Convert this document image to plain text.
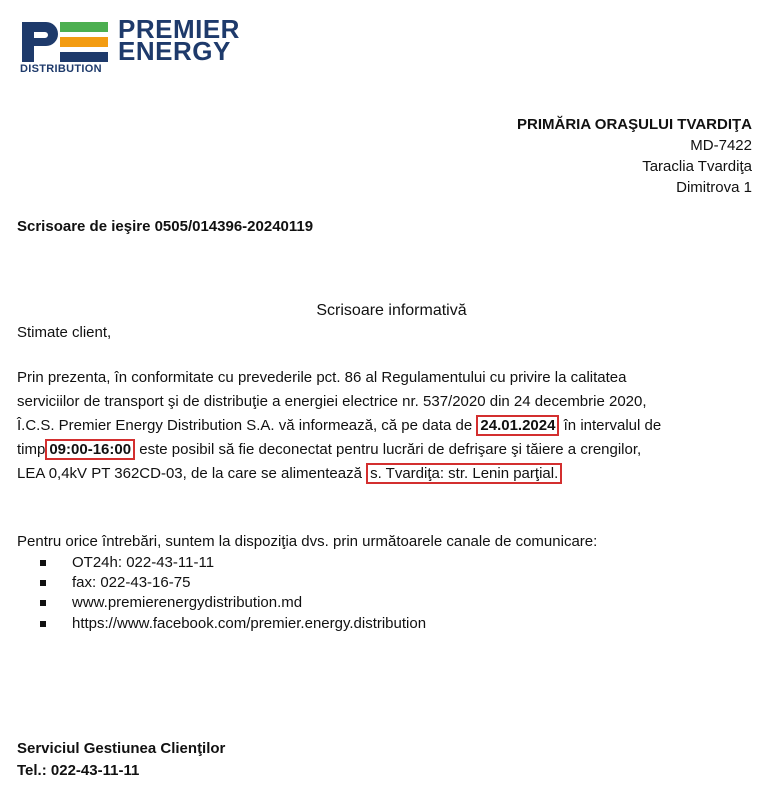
PREMIER
ENERGY
DISTRIBUTION
PRIMĂRIA ORAŞULUI TVARDIŢA
MD-7422
Taraclia Tvardiţa
Dimitrova 1
Scrisoare de ieşire 0505/014396-20240119
Scrisoare informativă
Stimate client,
Prin prezenta, în conformitate cu prevederile pct. 86 al Regulamentului cu privire la calitatea
serviciilor de transport şi de distribuţie a energiei electrice nr. 537/2020 din 24 decembrie 2020,
Î.C.S. Premier Energy Distribution S.A. vă informează, că pe data de 24.01.2024 în intervalul de
timp 09:00-16:00 este posibil să fie deconectat pentru lucrări de defrişare şi tăiere a crengilor,
LEA 0,4kV PT 362CD-03, de la care se alimentează s. Tvardiţa: str. Lenin parţial.
Pentru orice întrebări, suntem la dispoziţia dvs. prin următoarele canale de comunicare:
OT24h: 022-43-11-11
fax: 022-43-16-75
www.premierenergydistribution.md
https://www.facebook.com/premier.energy.distribution
Serviciul Gestiunea Clienţilor
Tel.: 022-43-11-11
